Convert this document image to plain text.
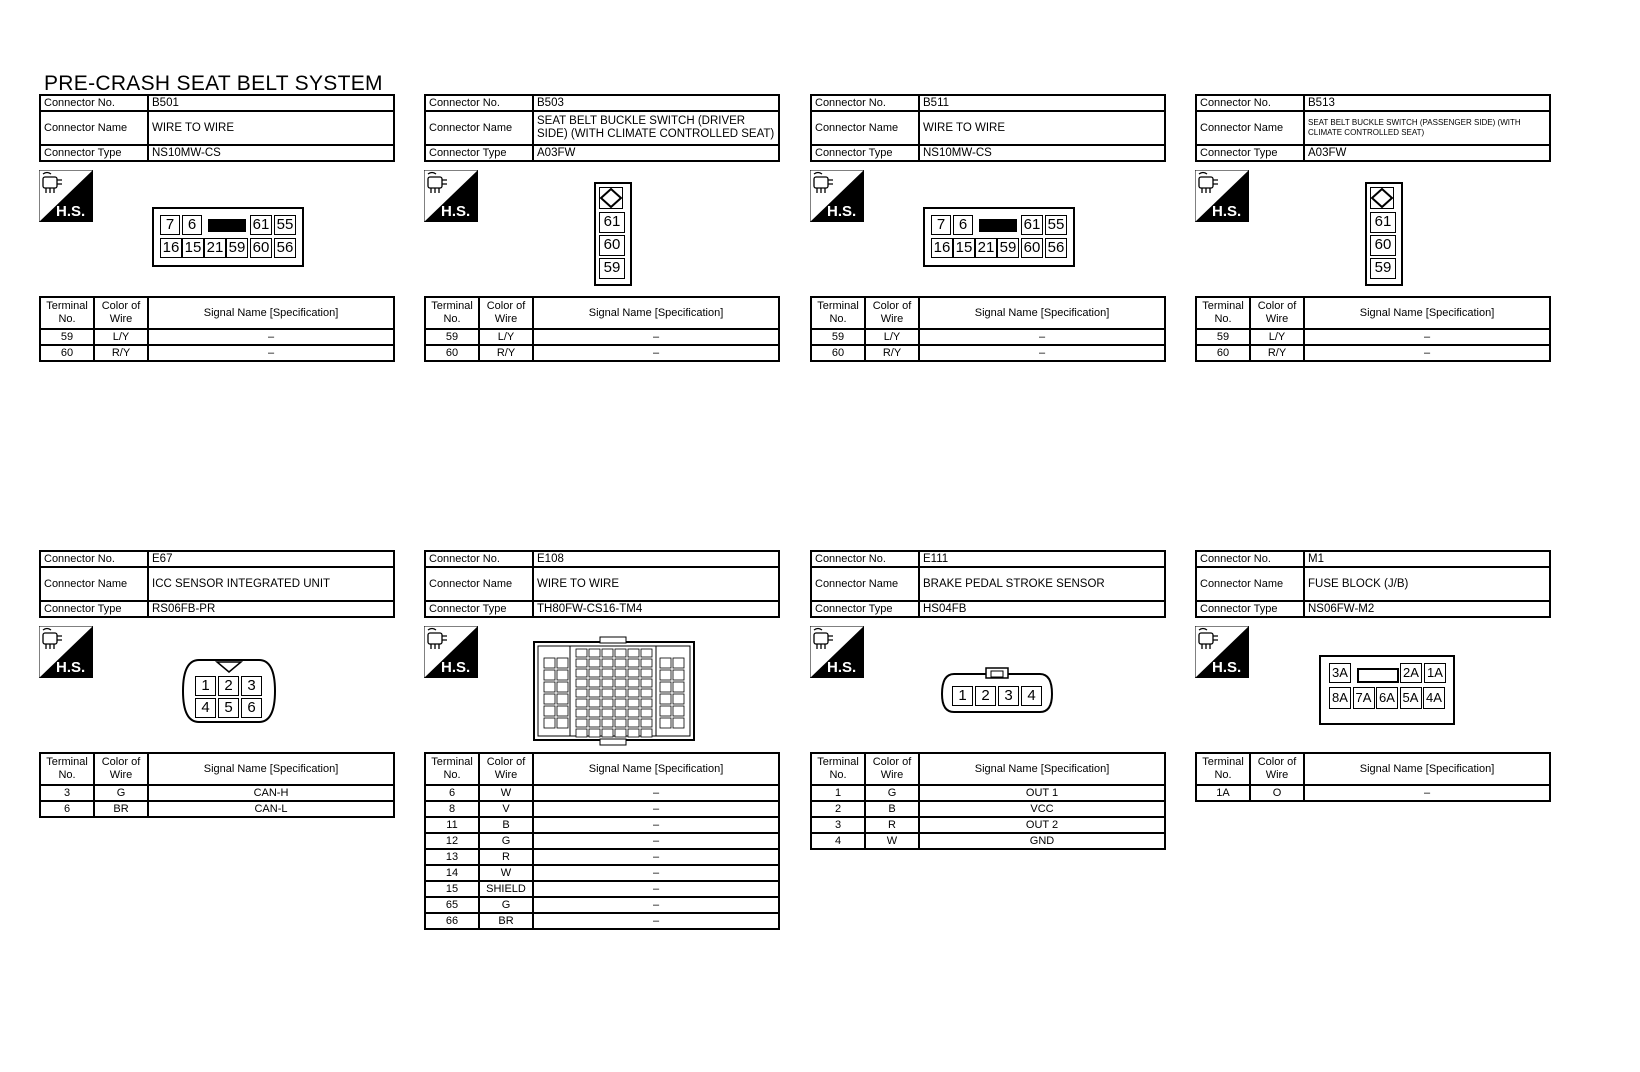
PRE-CRASH SEAT BELT SYSTEM
Connector No.	B501
Connector Name	WIRE TO WIRE
Connector Type	NS10MW-CS
H.S.
7 6	61 55
16 15 21 59 60 56
Terminal No.	Color of Wire	Signal Name [Specification]
59	L/Y	–
60	R/Y	–
Connector No.	B503
Connector Name	SEAT BELT BUCKLE SWITCH (DRIVER SIDE) (WITH CLIMATE CONTROLLED SEAT)
Connector Type	A03FW
H.S.
61
60
59
Terminal No.	Color of Wire	Signal Name [Specification]
59	L/Y	–
60	R/Y	–
Connector No.	B511
Connector Name	WIRE TO WIRE
Connector Type	NS10MW-CS
H.S.
7 6	61 55
16 15 21 59 60 56
Terminal No.	Color of Wire	Signal Name [Specification]
59	L/Y	–
60	R/Y	–
Connector No.	B513
Connector Name	SEAT BELT BUCKLE SWITCH (PASSENGER SIDE) (WITH CLIMATE CONTROLLED SEAT)
Connector Type	A03FW
H.S.
61
60
59
Terminal No.	Color of Wire	Signal Name [Specification]
59	L/Y	–
60	R/Y	–
Connector No.	E67
Connector Name	ICC SENSOR INTEGRATED UNIT
Connector Type	RS06FB-PR
H.S.
1 2 3
4 5 6
Terminal No.	Color of Wire	Signal Name [Specification]
3	G	CAN-H
6	BR	CAN-L
Connector No.	E108
Connector Name	WIRE TO WIRE
Connector Type	TH80FW-CS16-TM4
H.S.
Terminal No.	Color of Wire	Signal Name [Specification]
6	W	–
8	V	–
11	B	–
12	G	–
13	R	–
14	W	–
15	SHIELD	–
65	G	–
66	BR	–
Connector No.	E111
Connector Name	BRAKE PEDAL STROKE SENSOR
Connector Type	HS04FB
H.S.
1 2 3 4
Terminal No.	Color of Wire	Signal Name [Specification]
1	G	OUT 1
2	B	VCC
3	R	OUT 2
4	W	GND
Connector No.	M1
Connector Name	FUSE BLOCK (J/B)
Connector Type	NS06FW-M2
H.S.	3A	2A 1A
8A 7A 6A 5A 4A
Terminal No.	Color of Wire	Signal Name [Specification]
1A	O	–
